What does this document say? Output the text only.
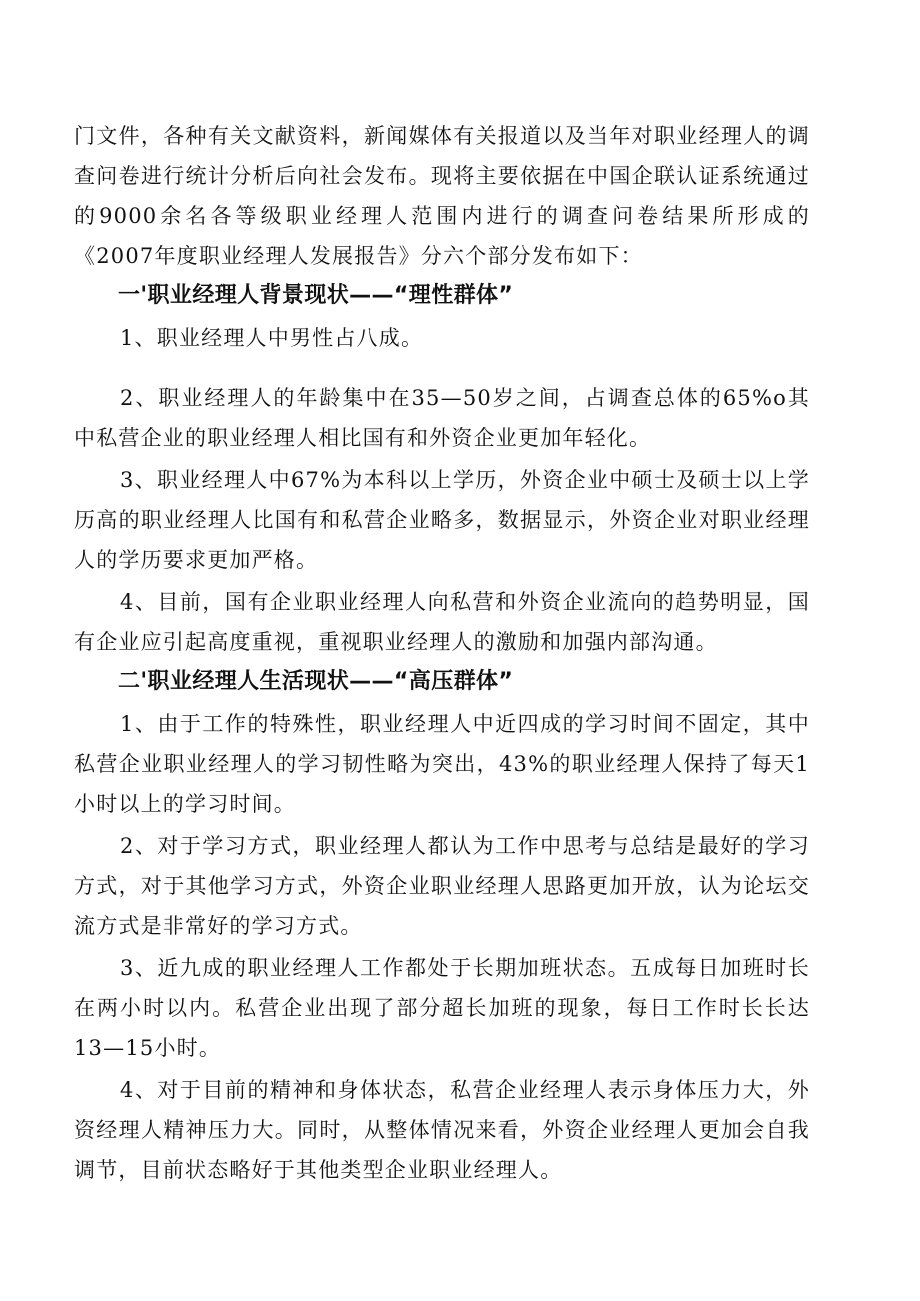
门文件，各种有关文献资料，新闻媒体有关报道以及当年对职业经理人的调查问卷进行统计分析后向社会发布。现将主要依据在中国企联认证系统通过的9000余名各等级职业经理人范围内进行的调查问卷结果所形成的《2007年度职业经理人发展报告》分六个部分发布如下：

一'职业经理人背景现状——“理性群体”

1、职业经理人中男性占八成。

2、职业经理人的年龄集中在35—50岁之间，占调查总体的65%o其中私营企业的职业经理人相比国有和外资企业更加年轻化。

3、职业经理人中67%为本科以上学历，外资企业中硕士及硕士以上学历高的职业经理人比国有和私营企业略多，数据显示，外资企业对职业经理人的学历要求更加严格。

4、目前，国有企业职业经理人向私营和外资企业流向的趋势明显，国有企业应引起高度重视，重视职业经理人的激励和加强内部沟通。

二'职业经理人生活现状——“高压群体”

1、由于工作的特殊性，职业经理人中近四成的学习时间不固定，其中私营企业职业经理人的学习韧性略为突出，43%的职业经理人保持了每天1小时以上的学习时间。

2、对于学习方式，职业经理人都认为工作中思考与总结是最好的学习方式，对于其他学习方式，外资企业职业经理人思路更加开放，认为论坛交流方式是非常好的学习方式。

3、近九成的职业经理人工作都处于长期加班状态。五成每日加班时长在两小时以内。私营企业出现了部分超长加班的现象，每日工作时长长达13—15小时。

4、对于目前的精神和身体状态，私营企业经理人表示身体压力大，外资经理人精神压力大。同时，从整体情况来看，外资企业经理人更加会自我调节，目前状态略好于其他类型企业职业经理人。
